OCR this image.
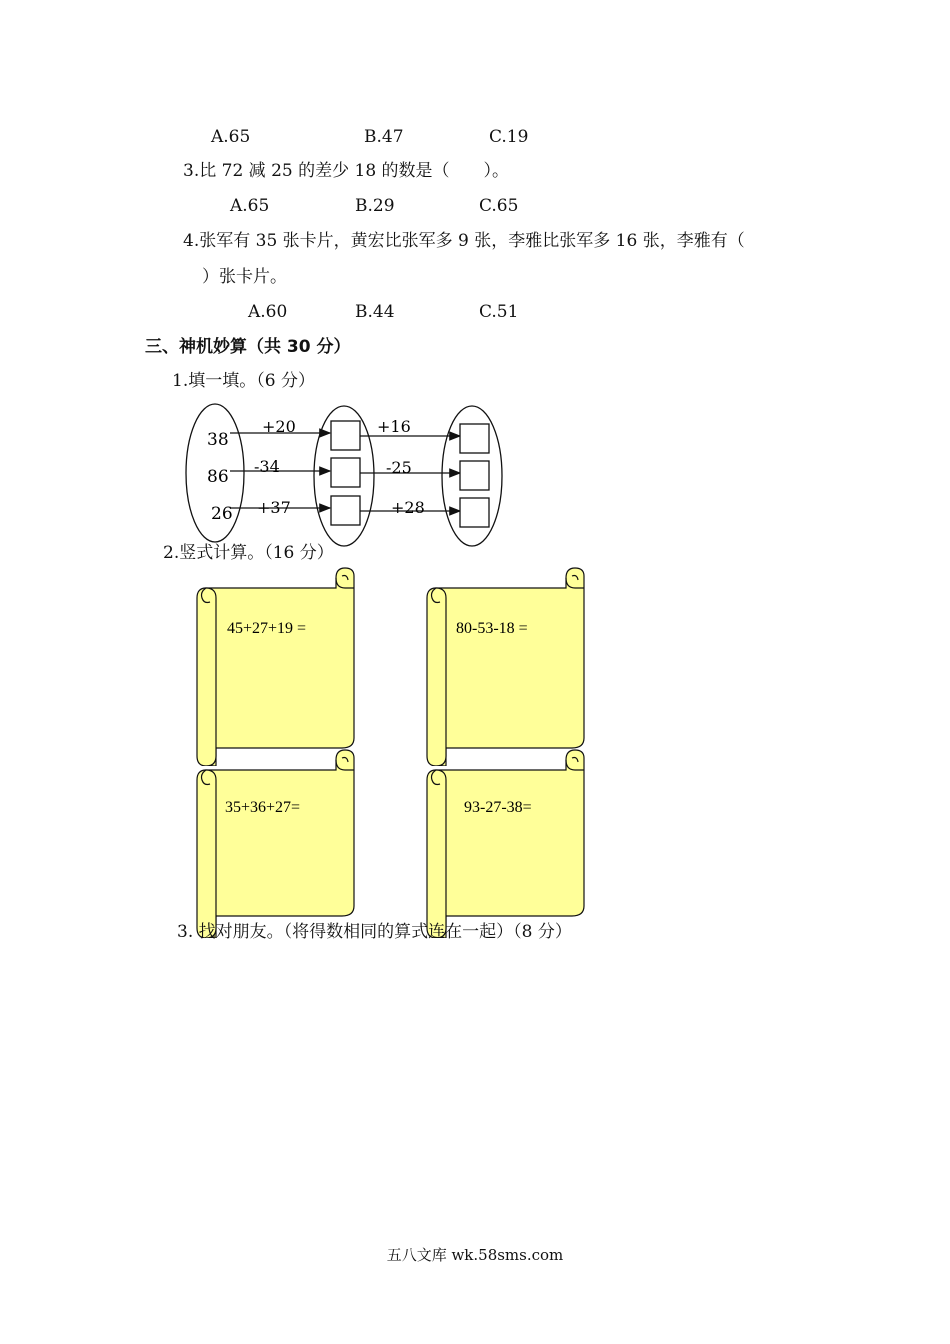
A.65	B.47	C.19
3.比 72 减 25 的差少 18 的数是（　　）。
A.65	B.29	C.65
4.张军有 35 张卡片，黄宏比张军多 9 张，李雅比张军多 16 张，李雅有（
）张卡片。
A.60	B.44	C.51
三、神机妙算（共 30 分）
1.填一填。（6 分）
38
86
26
+20
-34
+37
+16
-25
+28
2.竖式计算。（16 分）
45+27+19 =	80-53-18 =
35+36+27=	93-27-38=
3. 找对朋友。（将得数相同的算式连在一起）（8 分）
五八文库 wk.58sms.com
